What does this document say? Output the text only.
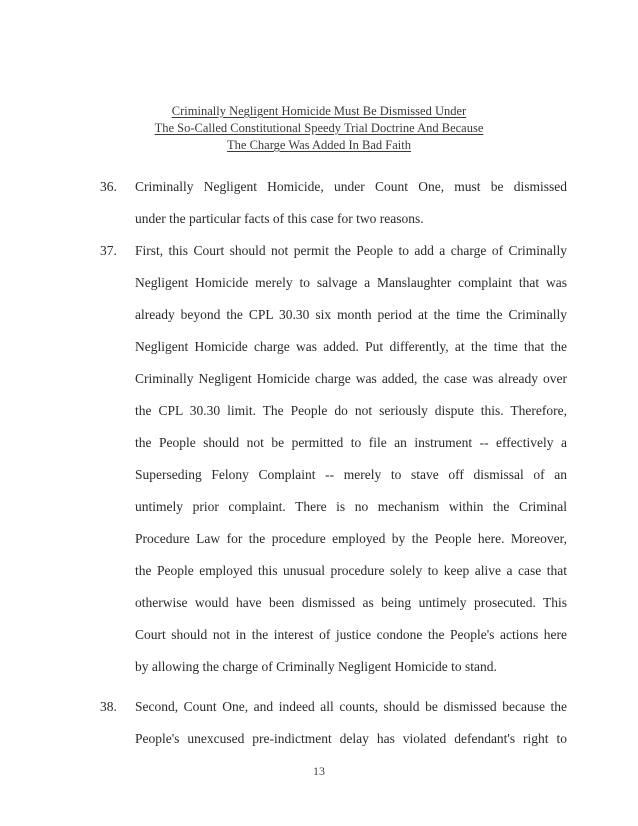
Criminally Negligent Homicide Must Be Dismissed Under
The So-Called Constitutional Speedy Trial Doctrine And Because
The Charge Was Added In Bad Faith
36. Criminally Negligent Homicide, under Count One, must be dismissed
under the particular facts of this case for two reasons.
37. First, this Court should not permit the People to add a charge of Criminally
Negligent Homicide merely to salvage a Manslaughter complaint that was
already beyond the CPL 30.30 six month period at the time the Criminally
Negligent Homicide charge was added. Put differently, at the time that the
Criminally Negligent Homicide charge was added, the case was already over
the CPL 30.30 limit. The People do not seriously dispute this. Therefore,
the People should not be permitted to file an instrument -- effectively a
Superseding Felony Complaint -- merely to stave off dismissal of an
untimely prior complaint. There is no mechanism within the Criminal
Procedure Law for the procedure employed by the People here. Moreover,
the People employed this unusual procedure solely to keep alive a case that
otherwise would have been dismissed as being untimely prosecuted. This
Court should not in the interest of justice condone the People's actions here
by allowing the charge of Criminally Negligent Homicide to stand.
38. Second, Count One, and indeed all counts, should be dismissed because the
People's unexcused pre-indictment delay has violated defendant's right to
13
